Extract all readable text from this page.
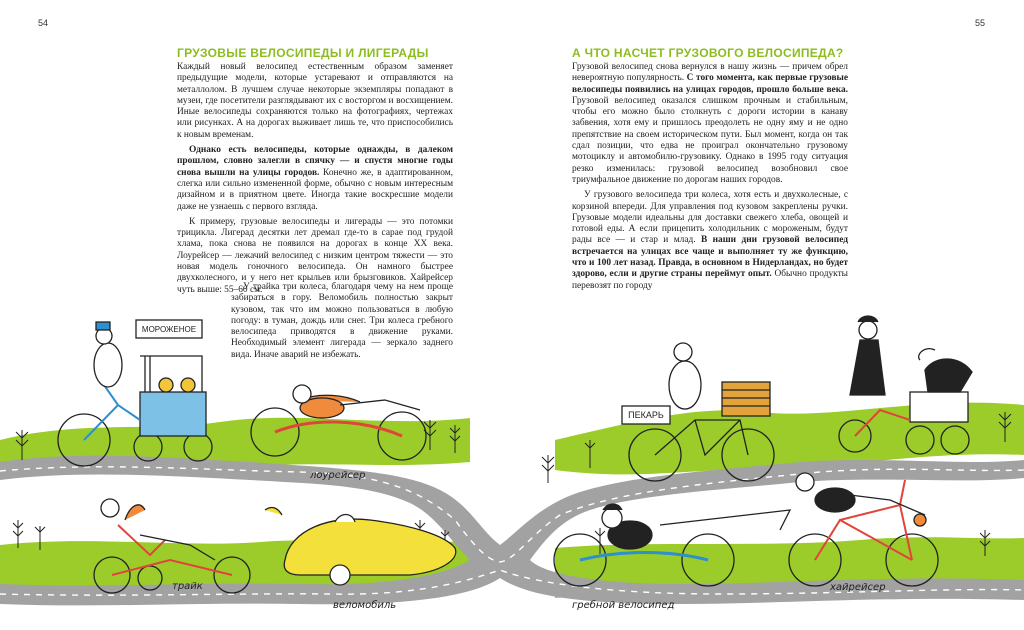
54	55
МОРОЖЕНОЕ
лоурейсер
трайк
веломобиль
ПЕКАРЬ
гребной велосипед
хайрейсер
ГРУЗОВЫЕ ВЕЛОСИПЕДЫ И ЛИГЕРАДЫ
Каждый новый велосипед естественным образом заменяет предыдущие модели, которые устаревают и отправляются на металлолом. В лучшем случае некоторые экземпляры попадают в музеи, где посетители разглядывают их с восторгом и восхищением. Иные велосипеды сохраняются только на фотографиях, чертежах или рисунках. А на дорогах выживает лишь те, что приспособились к новым временам.
Однако есть велосипеды, которые однажды, в далеком прошлом, словно залегли в спячку — и спустя многие годы снова вышли на улицы городов. Конечно же, в адаптированном, слегка или сильно измененной форме, обычно с новым интересным дизайном и в приятном цвете. Иногда такие воскресшие модели даже не узнаешь с первого взгляда.
К примеру, грузовые велосипеды и лигерады — это потомки трицикла. Лигерад десятки лет дремал где-то в сарае под грудой хлама, пока снова не появился на дорогах в конце XX века. Лоурейсер — лежачий велосипед с низким центром тяжести — это новая модель гоночного велосипеда. Он намного быстрее двухколесного, и у него нет крыльев или брызговиков. Хайрейсер чуть выше: 55–60 см.
У трайка три колеса, благодаря чему на нем проще забираться в гору. Веломобиль полностью закрыт кузовом, так что им можно пользоваться в любую погоду: в туман, дождь или снег. Три колеса гребного велосипеда приводятся в движение руками. Необходимый элемент лигерада — зеркало заднего вида. Иначе аварий не избежать.
А ЧТО НАСЧЕТ ГРУЗОВОГО ВЕЛОСИПЕДА?
Грузовой велосипед снова вернулся в нашу жизнь — причем обрел невероятную популярность. С того момента, как первые грузовые велосипеды появились на улицах городов, прошло больше века. Грузовой велосипед оказался слишком прочным и стабильным, чтобы его можно было столкнуть с дороги истории в канаву забвения, хотя ему и пришлось преодолеть не одну яму и не одно препятствие на своем историческом пути. Был момент, когда он так сдал позиции, что едва не проиграл окончательно грузовому мотоциклу и автомобилю-грузовику. Однако в 1995 году ситуация резко изменилась: грузовой велосипед возобновил свое триумфальное движение по дорогам наших городов.
У грузового велосипеда три колеса, хотя есть и двухколесные, с корзиной впереди. Для управления под кузовом закреплены ручки. Грузовые модели идеальны для доставки свежего хлеба, овощей и готовой еды. А если прицепить холодильник с мороженым, будут рады все — и стар и млад. В наши дни грузовой велосипед встречается на улицах все чаще и выполняет ту же функцию, что и 100 лет назад. Правда, в основном в Нидерландах, но будет здорово, если и другие страны переймут опыт. Обычно продукты перевозят по городу
